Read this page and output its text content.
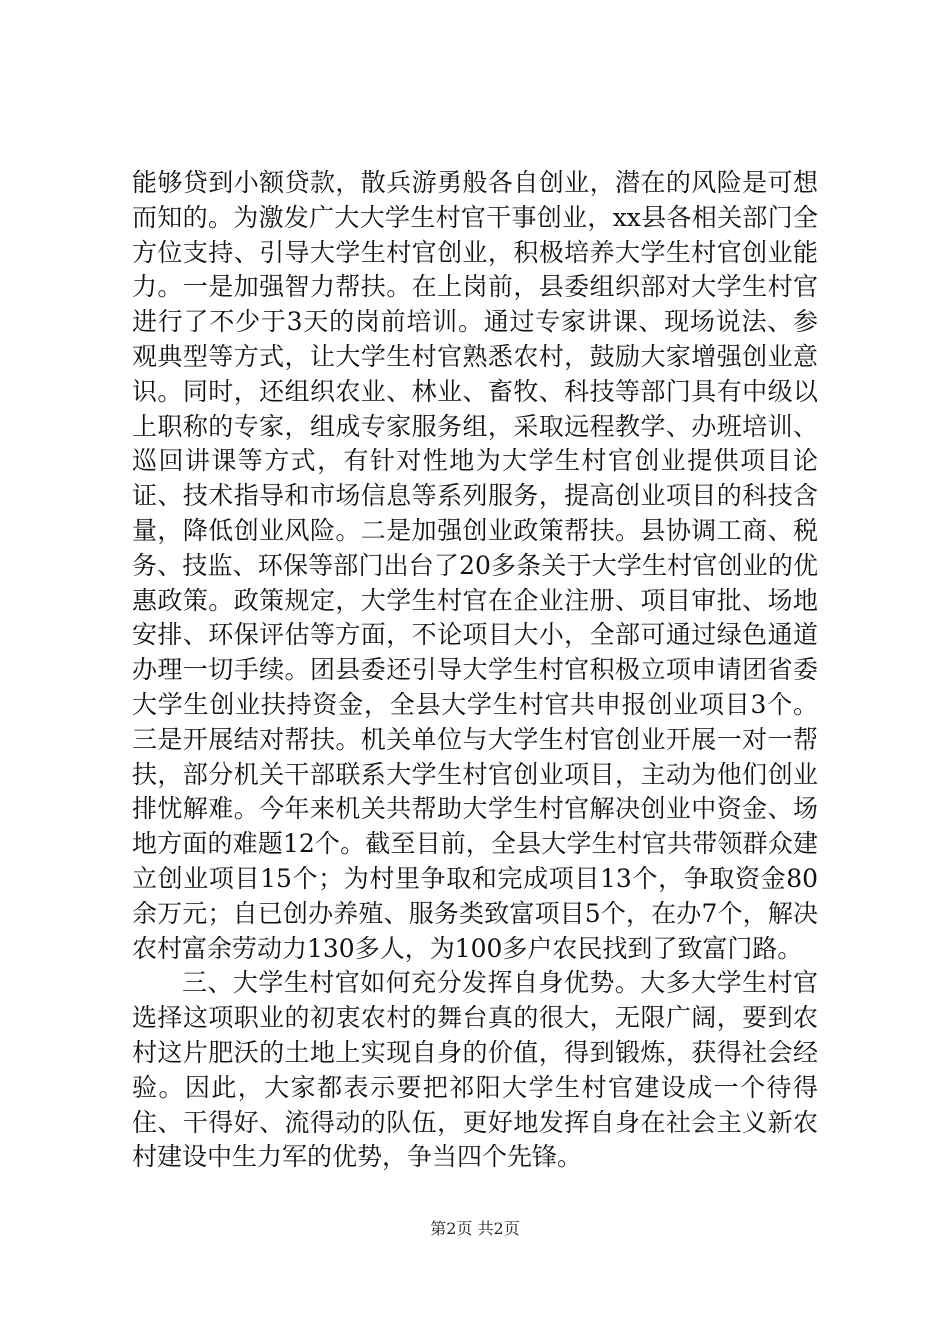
能够贷到小额贷款，散兵游勇般各自创业，潜在的风险是可想而知的。为激发广大大学生村官干事创业，xx县各相关部门全方位支持、引导大学生村官创业，积极培养大学生村官创业能力。一是加强智力帮扶。在上岗前，县委组织部对大学生村官进行了不少于3天的岗前培训。通过专家讲课、现场说法、参观典型等方式，让大学生村官熟悉农村，鼓励大家增强创业意识。同时，还组织农业、林业、畜牧、科技等部门具有中级以上职称的专家，组成专家服务组，采取远程教学、办班培训、巡回讲课等方式，有针对性地为大学生村官创业提供项目论证、技术指导和市场信息等系列服务，提高创业项目的科技含量，降低创业风险。二是加强创业政策帮扶。县协调工商、税务、技监、环保等部门出台了20多条关于大学生村官创业的优惠政策。政策规定，大学生村官在企业注册、项目审批、场地安排、环保评估等方面，不论项目大小，全部可通过绿色通道办理一切手续。团县委还引导大学生村官积极立项申请团省委大学生创业扶持资金，全县大学生村官共申报创业项目3个。三是开展结对帮扶。机关单位与大学生村官创业开展一对一帮扶，部分机关干部联系大学生村官创业项目，主动为他们创业排忧解难。今年来机关共帮助大学生村官解决创业中资金、场地方面的难题12个。截至目前，全县大学生村官共带领群众建立创业项目15个；为村里争取和完成项目13个，争取资金80余万元；自已创办养殖、服务类致富项目5个，在办7个，解决农村富余劳动力130多人，为100多户农民找到了致富门路。

三、大学生村官如何充分发挥自身优势。大多大学生村官选择这项职业的初衷农村的舞台真的很大，无限广阔，要到农村这片肥沃的土地上实现自身的价值，得到锻炼，获得社会经验。因此，大家都表示要把祁阳大学生村官建设成一个待得住、干得好、流得动的队伍，更好地发挥自身在社会主义新农村建设中生力军的优势，争当四个先锋。

第2页 共2页
